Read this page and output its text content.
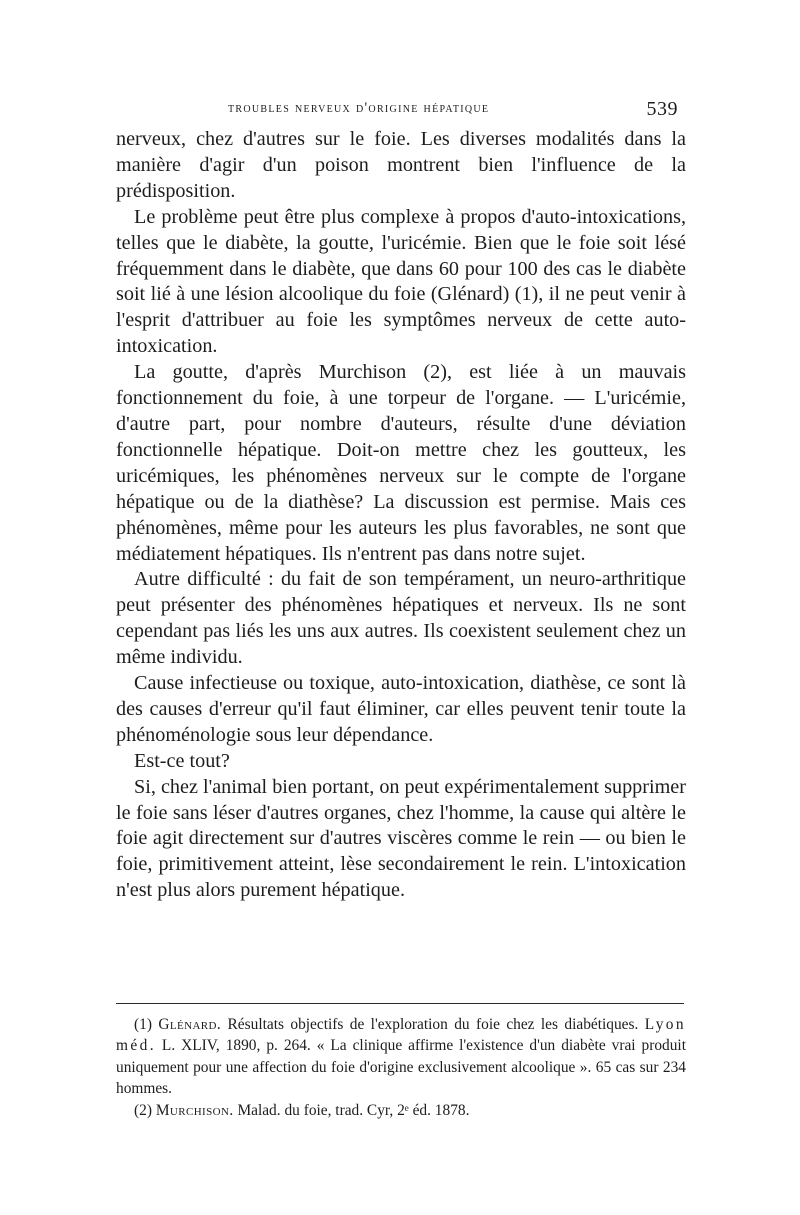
troubles nerveux d'origine hépatique	539

nerveux, chez d'autres sur le foie. Les diverses modalités dans la manière d'agir d'un poison montrent bien l'influence de la prédisposition.

Le problème peut être plus complexe à propos d'auto-intoxications, telles que le diabète, la goutte, l'uricémie. Bien que le foie soit lésé fréquemment dans le diabète, que dans 60 pour 100 des cas le diabète soit lié à une lésion alcoolique du foie (Glénard) (1), il ne peut venir à l'esprit d'attribuer au foie les symptômes nerveux de cette auto-intoxication.

La goutte, d'après Murchison (2), est liée à un mauvais fonctionnement du foie, à une torpeur de l'organe. — L'uricémie, d'autre part, pour nombre d'auteurs, résulte d'une déviation fonctionnelle hépatique. Doit-on mettre chez les goutteux, les uricémiques, les phénomènes nerveux sur le compte de l'organe hépatique ou de la diathèse? La discussion est permise. Mais ces phénomènes, même pour les auteurs les plus favorables, ne sont que médiatement hépatiques. Ils n'entrent pas dans notre sujet.

Autre difficulté : du fait de son tempérament, un neuro-arthritique peut présenter des phénomènes hépatiques et nerveux. Ils ne sont cependant pas liés les uns aux autres. Ils coexistent seulement chez un même individu.

Cause infectieuse ou toxique, auto-intoxication, diathèse, ce sont là des causes d'erreur qu'il faut éliminer, car elles peuvent tenir toute la phénoménologie sous leur dépendance.

Est-ce tout?

Si, chez l'animal bien portant, on peut expérimentalement supprimer le foie sans léser d'autres organes, chez l'homme, la cause qui altère le foie agit directement sur d'autres viscères comme le rein — ou bien le foie, primitivement atteint, lèse secondairement le rein. L'intoxication n'est plus alors purement hépatique.

(1) Glénard. Résultats objectifs de l'exploration du foie chez les diabétiques. Lyon méd. L. XLIV, 1890, p. 264. « La clinique affirme l'existence d'un diabète vrai produit uniquement pour une affection du foie d'origine exclusivement alcoolique ». 65 cas sur 234 hommes.

(2) Murchison. Malad. du foie, trad. Cyr, 2ᵉ éd. 1878.
